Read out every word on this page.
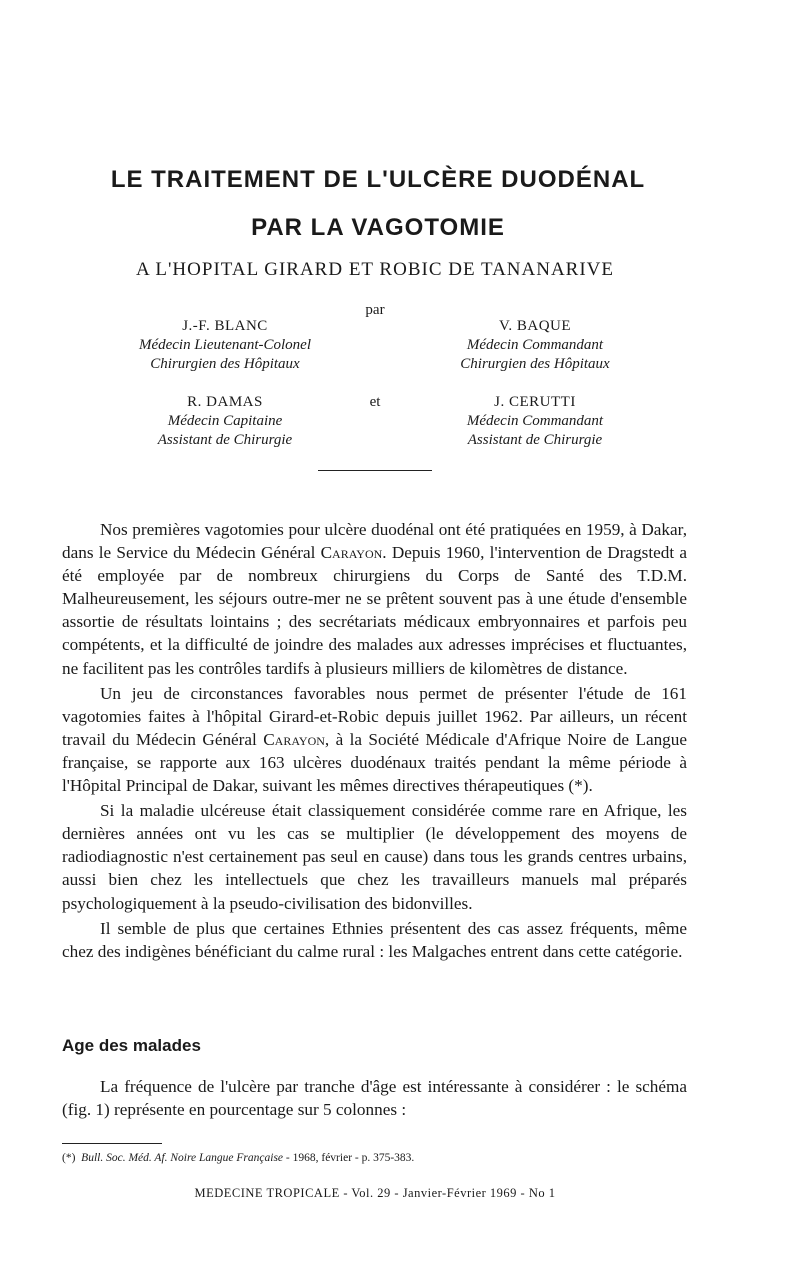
LE TRAITEMENT DE L'ULCÈRE DUODÉNAL
PAR LA VAGOTOMIE
A L'HOPITAL GIRARD ET ROBIC DE TANANARIVE
par
J.-F. BLANC
Médecin Lieutenant-Colonel
Chirurgien des Hôpitaux
V. BAQUE
Médecin Commandant
Chirurgien des Hôpitaux
et
R. DAMAS
Médecin Capitaine
Assistant de Chirurgie
J. CERUTTI
Médecin Commandant
Assistant de Chirurgie

Nos premières vagotomies pour ulcère duodénal ont été pratiquées en 1959, à Dakar, dans le Service du Médecin Général Carayon. Depuis 1960, l'intervention de Dragstedt a été employée par de nombreux chirurgiens du Corps de Santé des T.D.M. Malheureusement, les séjours outre-mer ne se prêtent souvent pas à une étude d'ensemble assortie de résultats lointains ; des secrétariats médicaux embryonnaires et parfois peu compétents, et la difficulté de joindre des malades aux adresses imprécises et fluctuantes, ne facilitent pas les contrôles tardifs à plusieurs milliers de kilomètres de distance.

Un jeu de circonstances favorables nous permet de présenter l'étude de 161 vagotomies faites à l'hôpital Girard-et-Robic depuis juillet 1962. Par ailleurs, un récent travail du Médecin Général Carayon, à la Société Médicale d'Afrique Noire de Langue française, se rapporte aux 163 ulcères duodénaux traités pendant la même période à l'Hôpital Principal de Dakar, suivant les mêmes directives thérapeutiques (*).

Si la maladie ulcéreuse était classiquement considérée comme rare en Afrique, les dernières années ont vu les cas se multiplier (le développement des moyens de radiodiagnostic n'est certainement pas seul en cause) dans tous les grands centres urbains, aussi bien chez les intellectuels que chez les travailleurs manuels mal préparés psychologiquement à la pseudo-civilisation des bidonvilles.

Il semble de plus que certaines Ethnies présentent des cas assez fréquents, même chez des indigènes bénéficiant du calme rural : les Malgaches entrent dans cette catégorie.

Age des malades

La fréquence de l'ulcère par tranche d'âge est intéressante à considérer : le schéma (fig. 1) représente en pourcentage sur 5 colonnes :

(*) Bull. Soc. Méd. Af. Noire Langue Française - 1968, février - p. 375-383.
MEDECINE TROPICALE - Vol. 29 - Janvier-Février 1969 - No 1
